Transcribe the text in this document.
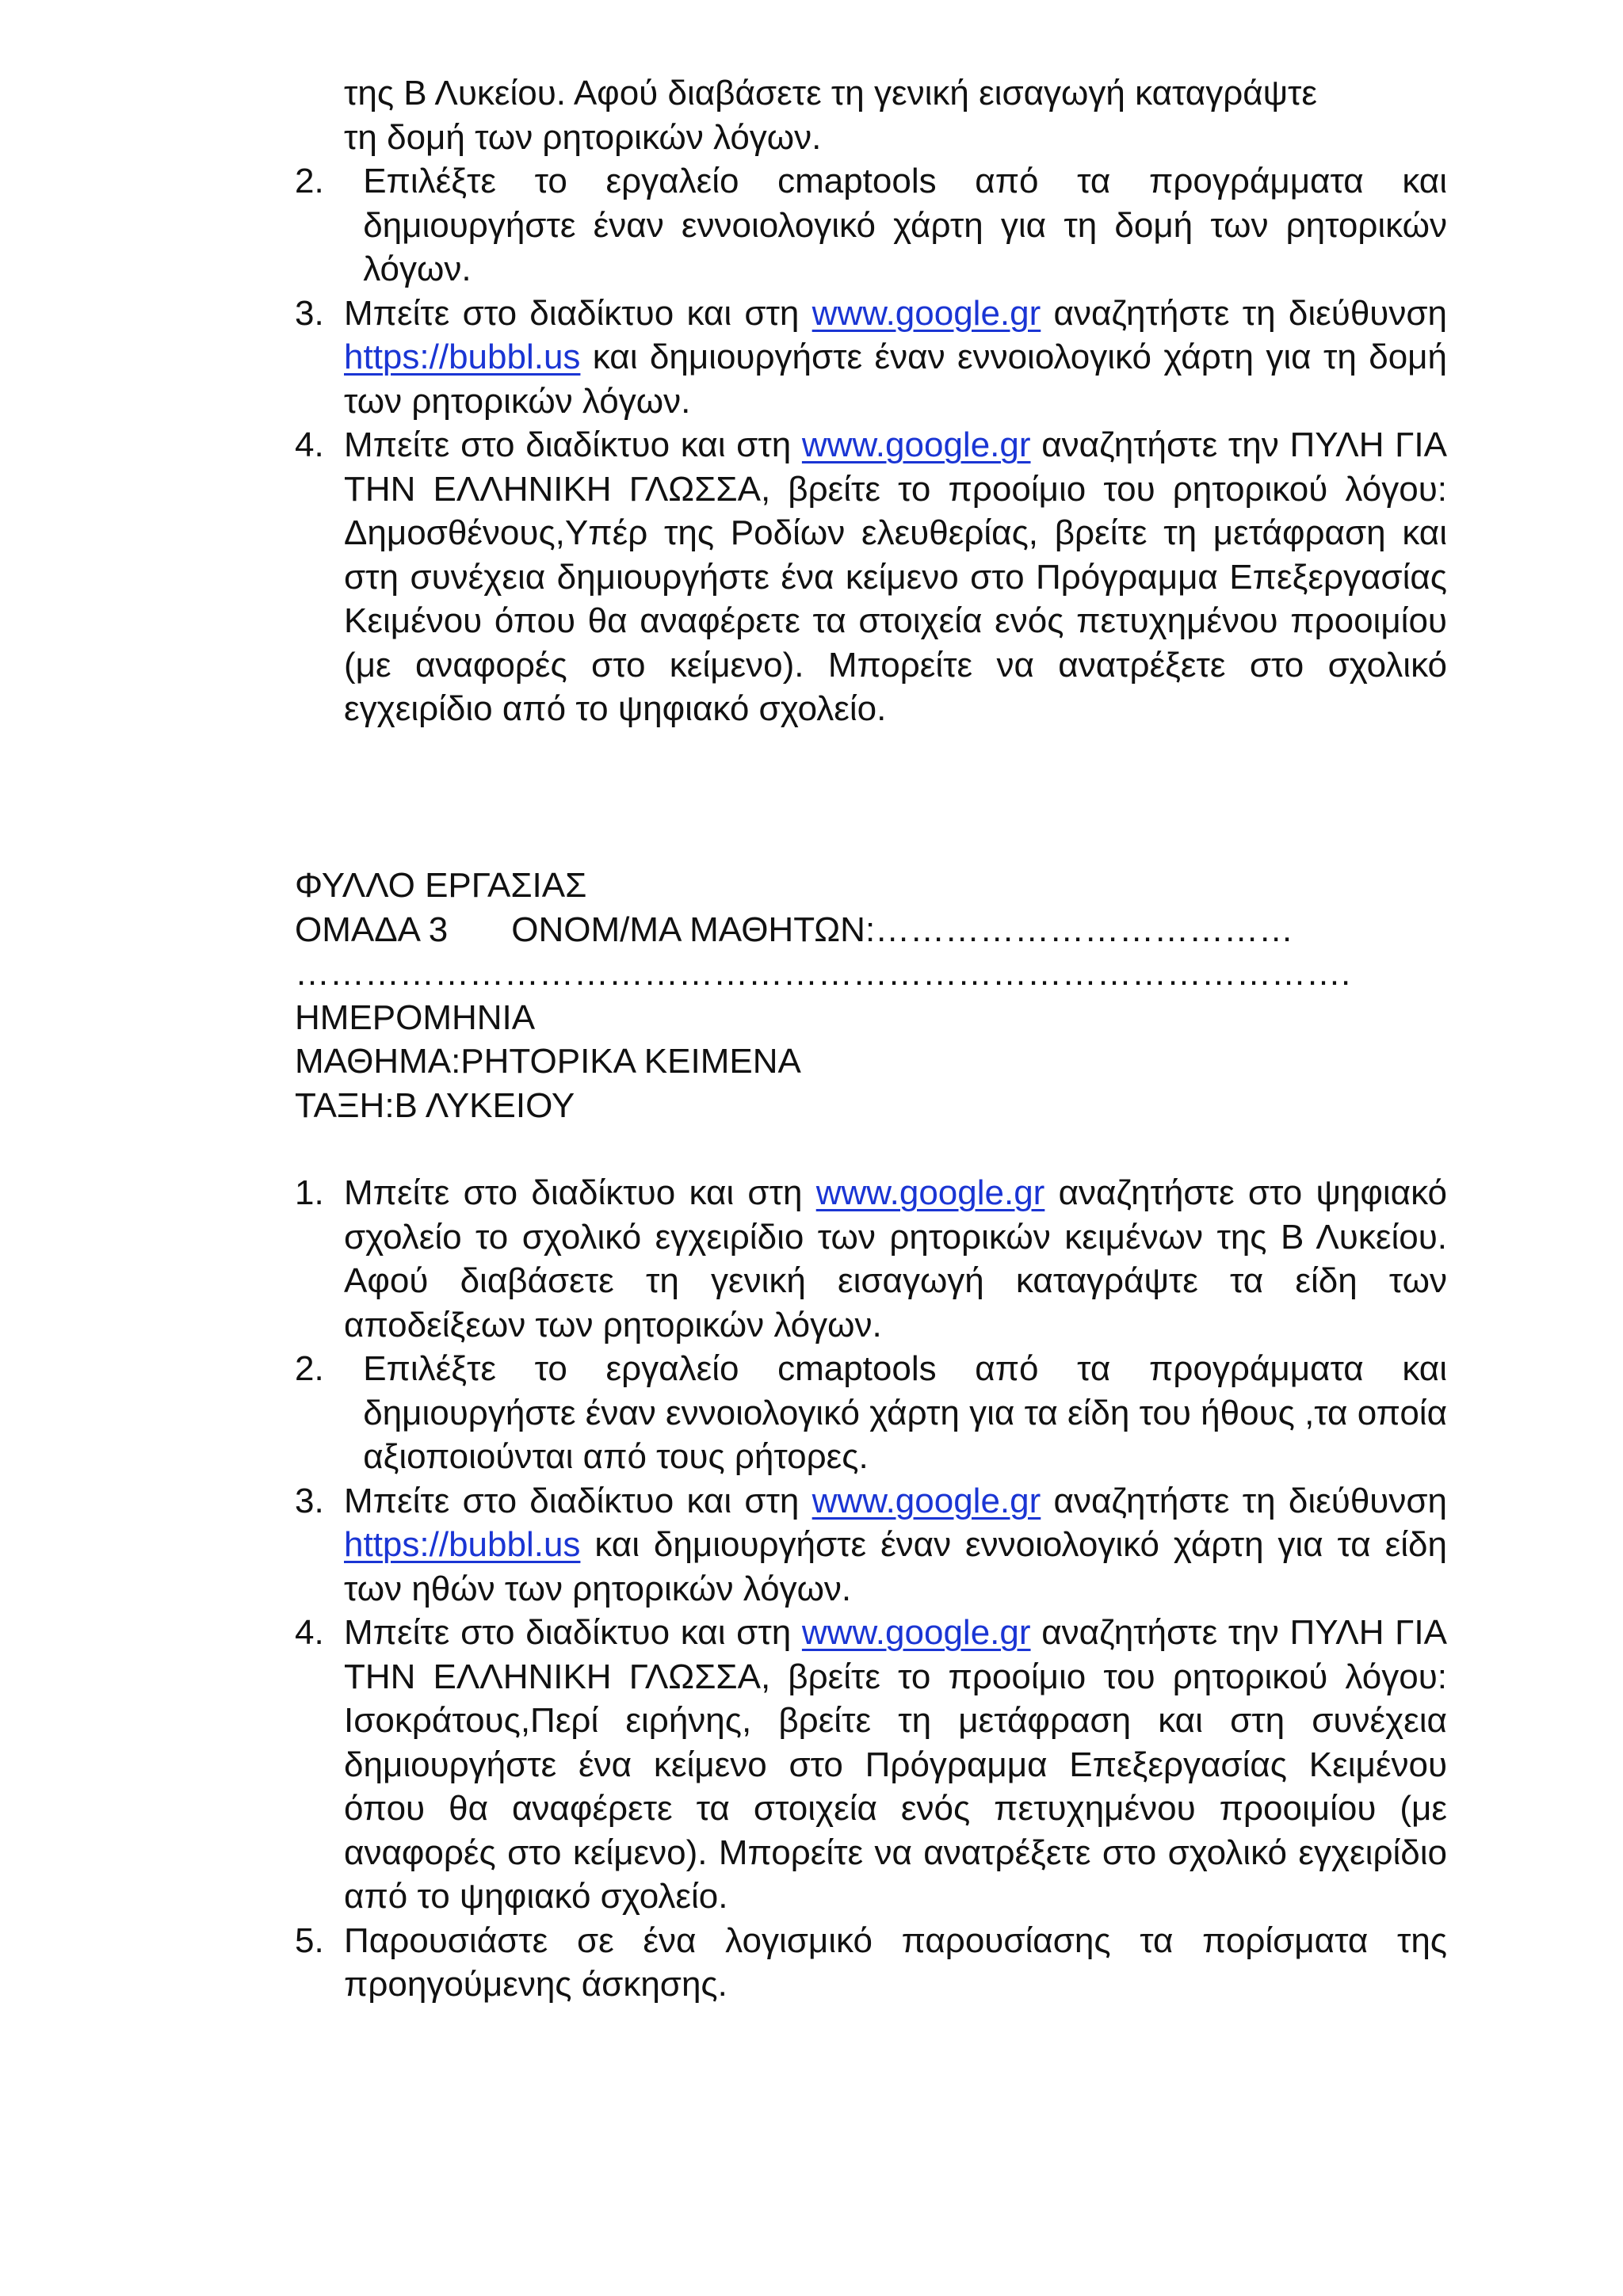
της Β Λυκείου. Αφού διαβάσετε τη γενική εισαγωγή καταγράψτε
τη δομή των ρητορικών λόγων.
2.	Επιλέξτε το εργαλείο cmaptools από τα προγράμματα και δημιουργήστε έναν εννοιολογικό χάρτη για τη δομή των ρητορικών λόγων.
3. Μπείτε στο διαδίκτυο και στη www.google.gr αναζητήστε τη διεύθυνση https://bubbl.us και δημιουργήστε έναν εννοιολογικό χάρτη για τη δομή των ρητορικών λόγων.
4. Μπείτε στο διαδίκτυο και στη www.google.gr αναζητήστε την ΠΥΛΗ ΓΙΑ ΤΗΝ ΕΛΛΗΝΙΚΗ ΓΛΩΣΣΑ, βρείτε το προοίμιο του ρητορικού λόγου: Δημοσθένους,Υπέρ της Ροδίων ελευθερίας, βρείτε τη μετάφραση και στη συνέχεια δημιουργήστε ένα κείμενο στο Πρόγραμμα Επεξεργασίας Κειμένου όπου θα αναφέρετε τα στοιχεία ενός πετυχημένου προοιμίου (με αναφορές στο κείμενο). Μπορείτε να ανατρέξετε στο σχολικό εγχειρίδιο από το ψηφιακό σχολείο.
ΦΥΛΛΟ ΕΡΓΑΣΙΑΣ
ΟΜΑΔΑ 3 ΟΝΟΜ/ΜΑ ΜΑΘΗΤΩΝ:………………………………
……………………………………………………………………………….
ΗΜΕΡΟΜΗΝΙΑ
ΜΑΘΗΜΑ:ΡΗΤΟΡΙΚΑ ΚΕΙΜΕΝΑ
ΤΑΞΗ:Β ΛΥΚΕΙΟΥ
1. Μπείτε στο διαδίκτυο και στη www.google.gr αναζητήστε στο ψηφιακό σχολείο το σχολικό εγχειρίδιο των ρητορικών κειμένων της Β Λυκείου. Αφού διαβάσετε τη γενική εισαγωγή καταγράψτε τα είδη των αποδείξεων των ρητορικών λόγων.
2.	Επιλέξτε το εργαλείο cmaptools από τα προγράμματα και δημιουργήστε έναν εννοιολογικό χάρτη για τα είδη του ήθους ,τα οποία αξιοποιούνται από τους ρήτορες.
3. Μπείτε στο διαδίκτυο και στη www.google.gr αναζητήστε τη διεύθυνση https://bubbl.us και δημιουργήστε έναν εννοιολογικό χάρτη για τα είδη των ηθών των ρητορικών λόγων.
4. Μπείτε στο διαδίκτυο και στη www.google.gr αναζητήστε την ΠΥΛΗ ΓΙΑ ΤΗΝ ΕΛΛΗΝΙΚΗ ΓΛΩΣΣΑ, βρείτε το προοίμιο του ρητορικού λόγου: Ισοκράτους,Περί ειρήνης, βρείτε τη μετάφραση και στη συνέχεια δημιουργήστε ένα κείμενο στο Πρόγραμμα Επεξεργασίας Κειμένου όπου θα αναφέρετε τα στοιχεία ενός πετυχημένου προοιμίου (με αναφορές στο κείμενο). Μπορείτε να ανατρέξετε στο σχολικό εγχειρίδιο από το ψηφιακό σχολείο.
5. Παρουσιάστε σε ένα λογισμικό παρουσίασης τα πορίσματα της προηγούμενης άσκησης.
